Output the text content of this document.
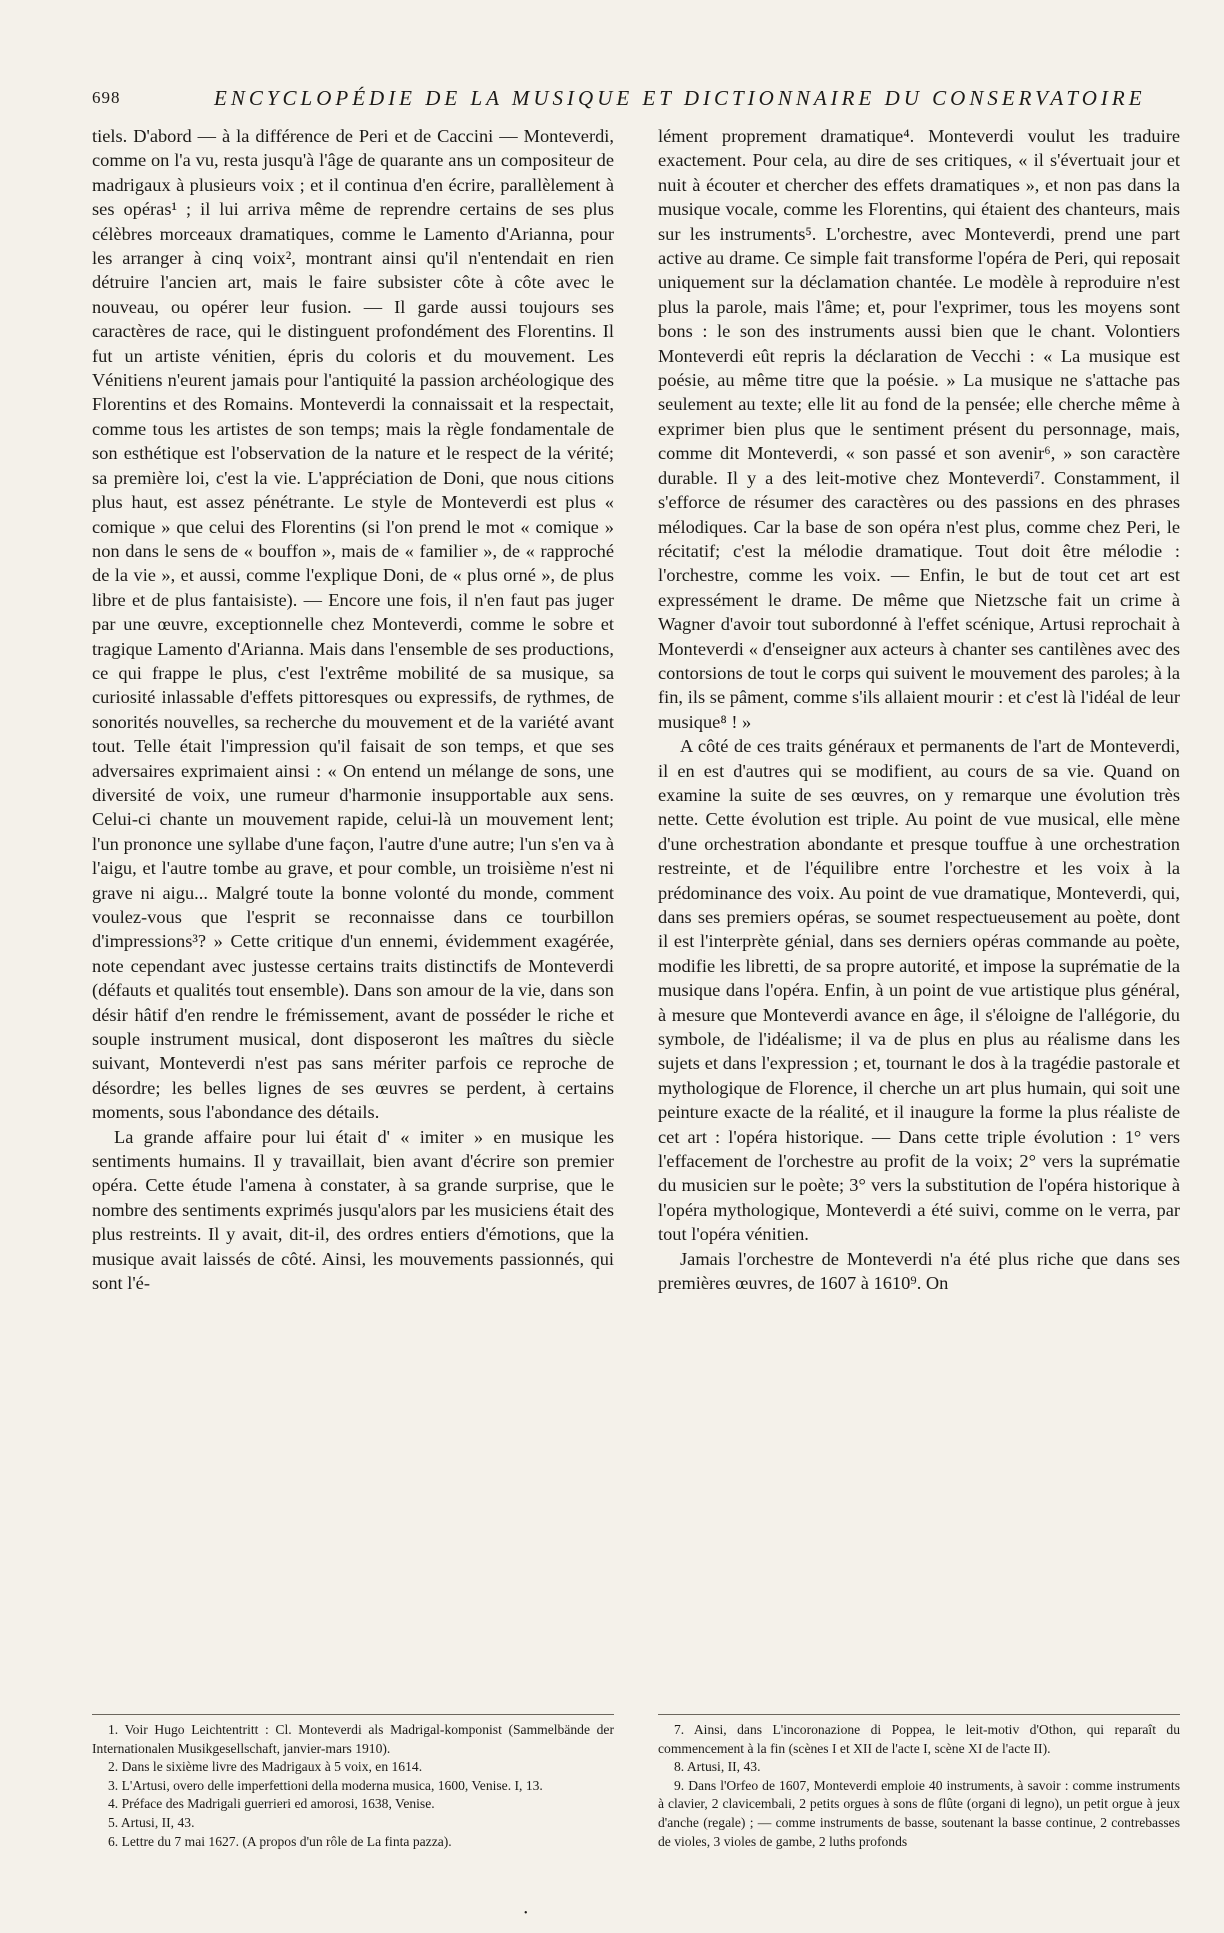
698	ENCYCLOPÉDIE DE LA MUSIQUE ET DICTIONNAIRE DU CONSERVATOIRE

tiels. D'abord — à la différence de Peri et de Caccini — Monteverdi, comme on l'a vu, resta jusqu'à l'âge de quarante ans un compositeur de madrigaux à plusieurs voix ; et il continua d'en écrire, parallèlement à ses opéras¹ ; il lui arriva même de reprendre certains de ses plus célèbres morceaux dramatiques, comme le Lamento d'Arianna, pour les arranger à cinq voix², montrant ainsi qu'il n'entendait en rien détruire l'ancien art, mais le faire subsister côte à côte avec le nouveau, ou opérer leur fusion. — Il garde aussi toujours ses caractères de race, qui le distinguent profondément des Florentins. Il fut un artiste vénitien, épris du coloris et du mouvement. Les Vénitiens n'eurent jamais pour l'antiquité la passion archéologique des Florentins et des Romains. Monteverdi la connaissait et la respectait, comme tous les artistes de son temps; mais la règle fondamentale de son esthétique est l'observation de la nature et le respect de la vérité; sa première loi, c'est la vie. L'appréciation de Doni, que nous citions plus haut, est assez pénétrante. Le style de Monteverdi est plus « comique » que celui des Florentins (si l'on prend le mot « comique » non dans le sens de « bouffon », mais de « familier », de « rapproché de la vie », et aussi, comme l'explique Doni, de « plus orné », de plus libre et de plus fantaisiste). — Encore une fois, il n'en faut pas juger par une œuvre, exceptionnelle chez Monteverdi, comme le sobre et tragique Lamento d'Arianna. Mais dans l'ensemble de ses productions, ce qui frappe le plus, c'est l'extrême mobilité de sa musique, sa curiosité inlassable d'effets pittoresques ou expressifs, de rythmes, de sonorités nouvelles, sa recherche du mouvement et de la variété avant tout. Telle était l'impression qu'il faisait de son temps, et que ses adversaires exprimaient ainsi : « On entend un mélange de sons, une diversité de voix, une rumeur d'harmonie insupportable aux sens. Celui-ci chante un mouvement rapide, celui-là un mouvement lent; l'un prononce une syllabe d'une façon, l'autre d'une autre; l'un s'en va à l'aigu, et l'autre tombe au grave, et pour comble, un troisième n'est ni grave ni aigu... Malgré toute la bonne volonté du monde, comment voulez-vous que l'esprit se reconnaisse dans ce tourbillon d'impressions³? » Cette critique d'un ennemi, évidemment exagérée, note cependant avec justesse certains traits distinctifs de Monteverdi (défauts et qualités tout ensemble). Dans son amour de la vie, dans son désir hâtif d'en rendre le frémissement, avant de posséder le riche et souple instrument musical, dont disposeront les maîtres du siècle suivant, Monteverdi n'est pas sans mériter parfois ce reproche de désordre; les belles lignes de ses œuvres se perdent, à certains moments, sous l'abondance des détails.

La grande affaire pour lui était d' « imiter » en musique les sentiments humains. Il y travaillait, bien avant d'écrire son premier opéra. Cette étude l'amena à constater, à sa grande surprise, que le nombre des sentiments exprimés jusqu'alors par les musiciens était des plus restreints. Il y avait, dit-il, des ordres entiers d'émotions, que la musique avait laissés de côté. Ainsi, les mouvements passionnés, qui sont l'é-

lément proprement dramatique⁴. Monteverdi voulut les traduire exactement. Pour cela, au dire de ses critiques, « il s'évertuait jour et nuit à écouter et chercher des effets dramatiques », et non pas dans la musique vocale, comme les Florentins, qui étaient des chanteurs, mais sur les instruments⁵. L'orchestre, avec Monteverdi, prend une part active au drame. Ce simple fait transforme l'opéra de Peri, qui reposait uniquement sur la déclamation chantée. Le modèle à reproduire n'est plus la parole, mais l'âme; et, pour l'exprimer, tous les moyens sont bons : le son des instruments aussi bien que le chant. Volontiers Monteverdi eût repris la déclaration de Vecchi : « La musique est poésie, au même titre que la poésie. » La musique ne s'attache pas seulement au texte; elle lit au fond de la pensée; elle cherche même à exprimer bien plus que le sentiment présent du personnage, mais, comme dit Monteverdi, « son passé et son avenir⁶, » son caractère durable. Il y a des leit-motive chez Monteverdi⁷. Constamment, il s'efforce de résumer des caractères ou des passions en des phrases mélodiques. Car la base de son opéra n'est plus, comme chez Peri, le récitatif; c'est la mélodie dramatique. Tout doit être mélodie : l'orchestre, comme les voix. — Enfin, le but de tout cet art est expressément le drame. De même que Nietzsche fait un crime à Wagner d'avoir tout subordonné à l'effet scénique, Artusi reprochait à Monteverdi « d'enseigner aux acteurs à chanter ses cantilènes avec des contorsions de tout le corps qui suivent le mouvement des paroles; à la fin, ils se pâment, comme s'ils allaient mourir : et c'est là l'idéal de leur musique⁸ ! »

A côté de ces traits généraux et permanents de l'art de Monteverdi, il en est d'autres qui se modifient, au cours de sa vie. Quand on examine la suite de ses œuvres, on y remarque une évolution très nette. Cette évolution est triple. Au point de vue musical, elle mène d'une orchestration abondante et presque touffue à une orchestration restreinte, et de l'équilibre entre l'orchestre et les voix à la prédominance des voix. Au point de vue dramatique, Monteverdi, qui, dans ses premiers opéras, se soumet respectueusement au poète, dont il est l'interprète génial, dans ses derniers opéras commande au poète, modifie les libretti, de sa propre autorité, et impose la suprématie de la musique dans l'opéra. Enfin, à un point de vue artistique plus général, à mesure que Monteverdi avance en âge, il s'éloigne de l'allégorie, du symbole, de l'idéalisme; il va de plus en plus au réalisme dans les sujets et dans l'expression ; et, tournant le dos à la tragédie pastorale et mythologique de Florence, il cherche un art plus humain, qui soit une peinture exacte de la réalité, et il inaugure la forme la plus réaliste de cet art : l'opéra historique. — Dans cette triple évolution : 1° vers l'effacement de l'orchestre au profit de la voix; 2° vers la suprématie du musicien sur le poète; 3° vers la substitution de l'opéra historique à l'opéra mythologique, Monteverdi a été suivi, comme on le verra, par tout l'opéra vénitien.

Jamais l'orchestre de Monteverdi n'a été plus riche que dans ses premières œuvres, de 1607 à 1610⁹. On

1. Voir Hugo Leichtentritt : Cl. Monteverdi als Madrigal-komponist (Sammelbände der Internationalen Musikgesellschaft, janvier-mars 1910).

2. Dans le sixième livre des Madrigaux à 5 voix, en 1614.

3. L'Artusi, overo delle imperfettioni della moderna musica, 1600, Venise. I, 13.

4. Préface des Madrigali guerrieri ed amorosi, 1638, Venise.

5. Artusi, II, 43.

6. Lettre du 7 mai 1627. (A propos d'un rôle de La finta pazza).

7. Ainsi, dans L'incoronazione di Poppea, le leit-motiv d'Othon, qui reparaît du commencement à la fin (scènes I et XII de l'acte I, scène XI de l'acte II).

8. Artusi, II, 43.

9. Dans l'Orfeo de 1607, Monteverdi emploie 40 instruments, à savoir : comme instruments à clavier, 2 clavicembali, 2 petits orgues à sons de flûte (organi di legno), un petit orgue à jeux d'anche (regale) ; — comme instruments de basse, soutenant la basse continue, 2 contrebasses de violes, 3 violes de gambe, 2 luths profonds

•
